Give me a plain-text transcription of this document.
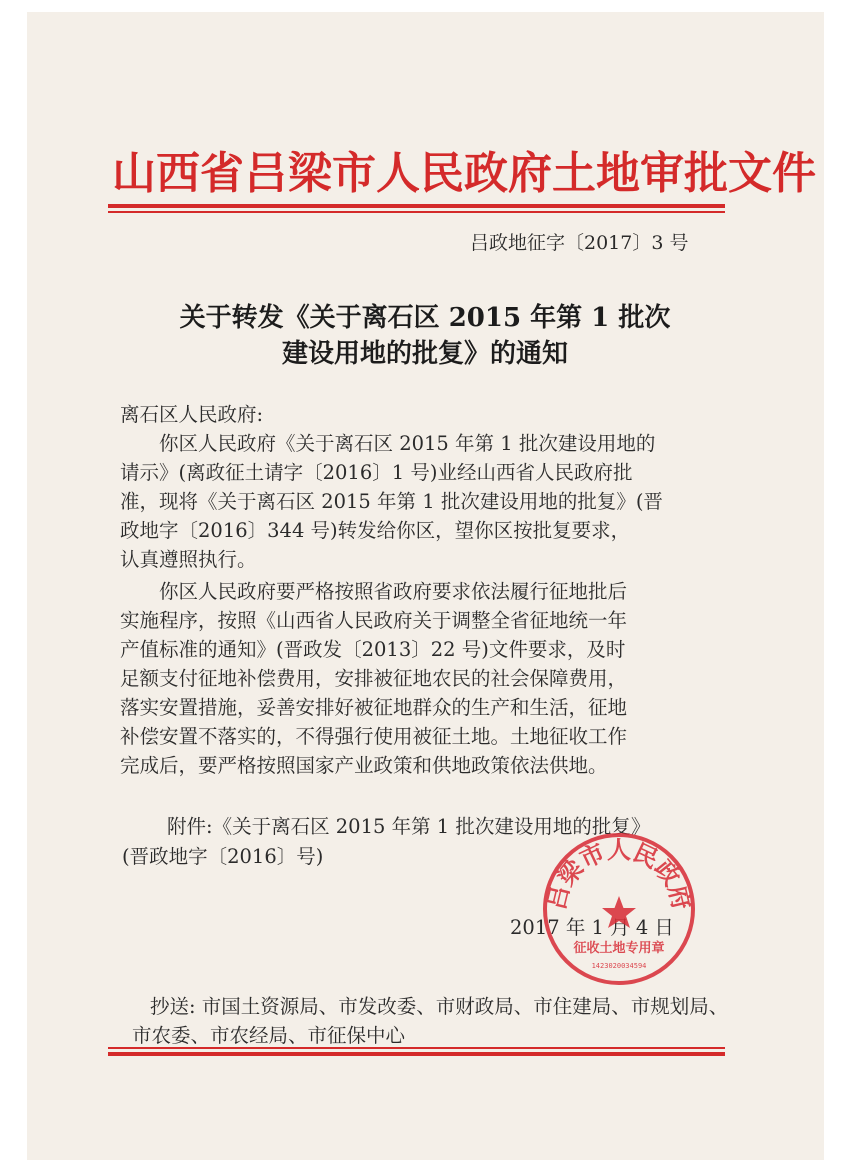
山西省吕梁市人民政府土地审批文件
吕政地征字〔2017〕3 号
关于转发《关于离石区 2015 年第 1 批次
建设用地的批复》的通知
离石区人民政府:
你区人民政府《关于离石区 2015 年第 1 批次建设用地的
请示》(离政征土请字〔2016〕1 号)业经山西省人民政府批
准，现将《关于离石区 2015 年第 1 批次建设用地的批复》(晋
政地字〔2016〕344 号)转发给你区，望你区按批复要求，
认真遵照执行。
你区人民政府要严格按照省政府要求依法履行征地批后
实施程序，按照《山西省人民政府关于调整全省征地统一年
产值标准的通知》(晋政发〔2013〕22 号)文件要求，及时
足额支付征地补偿费用，安排被征地农民的社会保障费用，
落实安置措施，妥善安排好被征地群众的生产和生活，征地
补偿安置不落实的，不得强行使用被征土地。土地征收工作
完成后，要严格按照国家产业政策和供地政策依法供地。
附件:《关于离石区 2015 年第 1 批次建设用地的批复》
(晋政地字〔2016〕号)
2017 年 1 月 4 日
吕梁市人民政府
征收土地专用章
1423020034594
抄送: 市国土资源局、市发改委、市财政局、市住建局、市规划局、
市农委、市农经局、市征保中心
